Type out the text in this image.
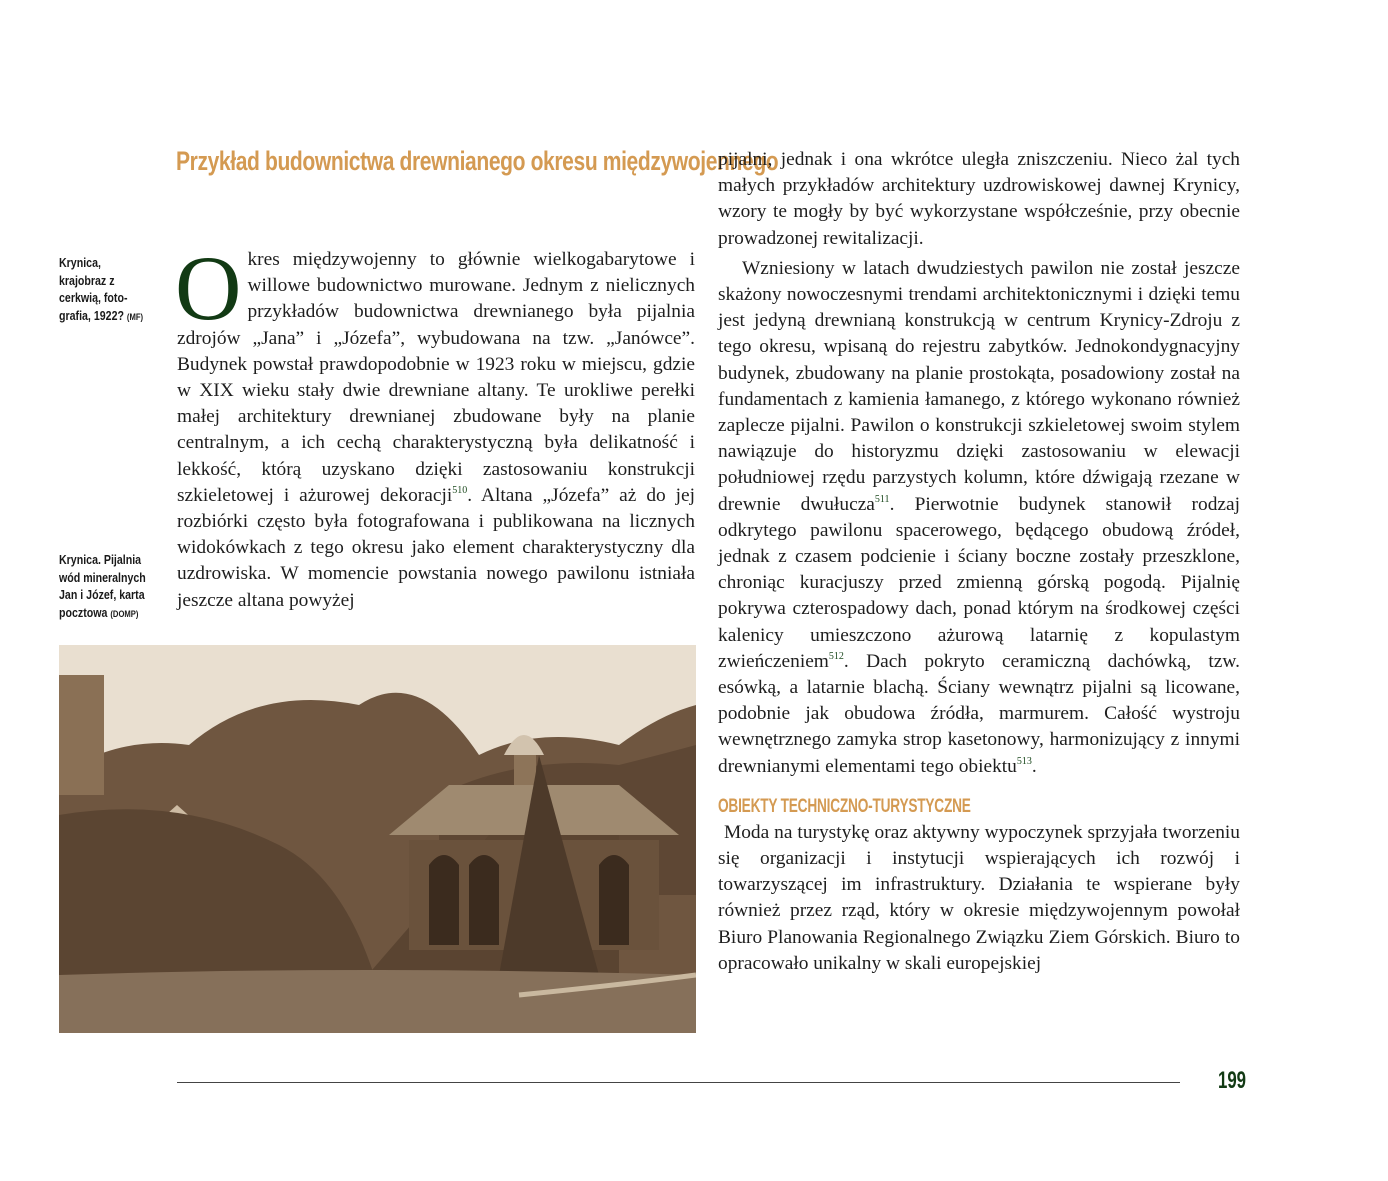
Przykład budownictwa drewnianego okresu międzywojennego
Krynica, krajobraz z cerkwią, foto-grafia, 1922? (MF)
Krynica. Pijalnia wód mineralnych Jan i Józef, karta pocztowa (DOMP)

Okres międzywojenny to głównie wielkogabarytowe i willowe budownictwo murowane. Jednym z nielicznych przykładów budownictwa drewnianego była pijalnia zdrojów „Jana” i „Józefa”, wybudowana na tzw. „Janówce”. Budynek powstał prawdopodobnie w 1923 roku w miejscu, gdzie w XIX wieku stały dwie drewniane altany. Te urokliwe perełki małej architektury drewnianej zbudowane były na planie centralnym, a ich cechą charakterystyczną była delikatność i lekkość, którą uzyskano dzięki zastosowaniu konstrukcji szkieletowej i ażurowej dekoracji$^{510}$. Altana „Józefa” aż do jej rozbiórki często była fotografowana i publikowana na licznych widokówkach z tego okresu jako element charakterystyczny dla uzdrowiska. W momencie powstania nowego pawilonu istniała jeszcze altana powyżej

pijalni, jednak i ona wkrótce uległa zniszczeniu. Nieco żal tych małych przykładów architektury uzdrowiskowej dawnej Krynicy, wzory te mogły by być wykorzystane współcześnie, przy obecnie prowadzonej rewitalizacji.

Wzniesiony w latach dwudziestych pawilon nie został jeszcze skażony nowoczesnymi trendami architektonicznymi i dzięki temu jest jedyną drewnianą konstrukcją w centrum Krynicy-Zdroju z tego okresu, wpisaną do rejestru zabytków. Jednokondygnacyjny budynek, zbudowany na planie prostokąta, posadowiony został na fundamentach z kamienia łamanego, z którego wykonano również zaplecze pijalni. Pawilon o konstrukcji szkieletowej swoim stylem nawiązuje do historyzmu dzięki zastosowaniu w elewacji południowej rzędu parzystych kolumn, które dźwigają rzezane w drewnie dwułucza$^{511}$. Pierwotnie budynek stanowił rodzaj odkrytego pawilonu spacerowego, będącego obudową źródeł, jednak z czasem podcienie i ściany boczne zostały przeszklone, chroniąc kuracjuszy przed zmienną górską pogodą. Pijalnię pokrywa czterospadowy dach, ponad którym na środkowej części kalenicy umieszczono ażurową latarnię z kopulastym zwieńczeniem$^{512}$. Dach pokryto ceramiczną dachówką, tzw. esówką, a latarnie blachą. Ściany wewnątrz pijalni są licowane, podobnie jak obudowa źródła, marmurem. Całość wystroju wewnętrznego zamyka strop kasetonowy, harmonizujący z innymi drewnianymi elementami tego obiektu$^{513}$.

OBIEKTY TECHNICZNO-TURYSTYCZNE

Moda na turystykę oraz aktywny wypoczynek sprzyjała tworzeniu się organizacji i instytucji wspierających ich rozwój i towarzyszącej im infrastruktury. Działania te wspierane były również przez rząd, który w okresie międzywojennym powołał Biuro Planowania Regionalnego Związku Ziem Górskich. Biuro to opracowało unikalny w skali europejskiej

199
